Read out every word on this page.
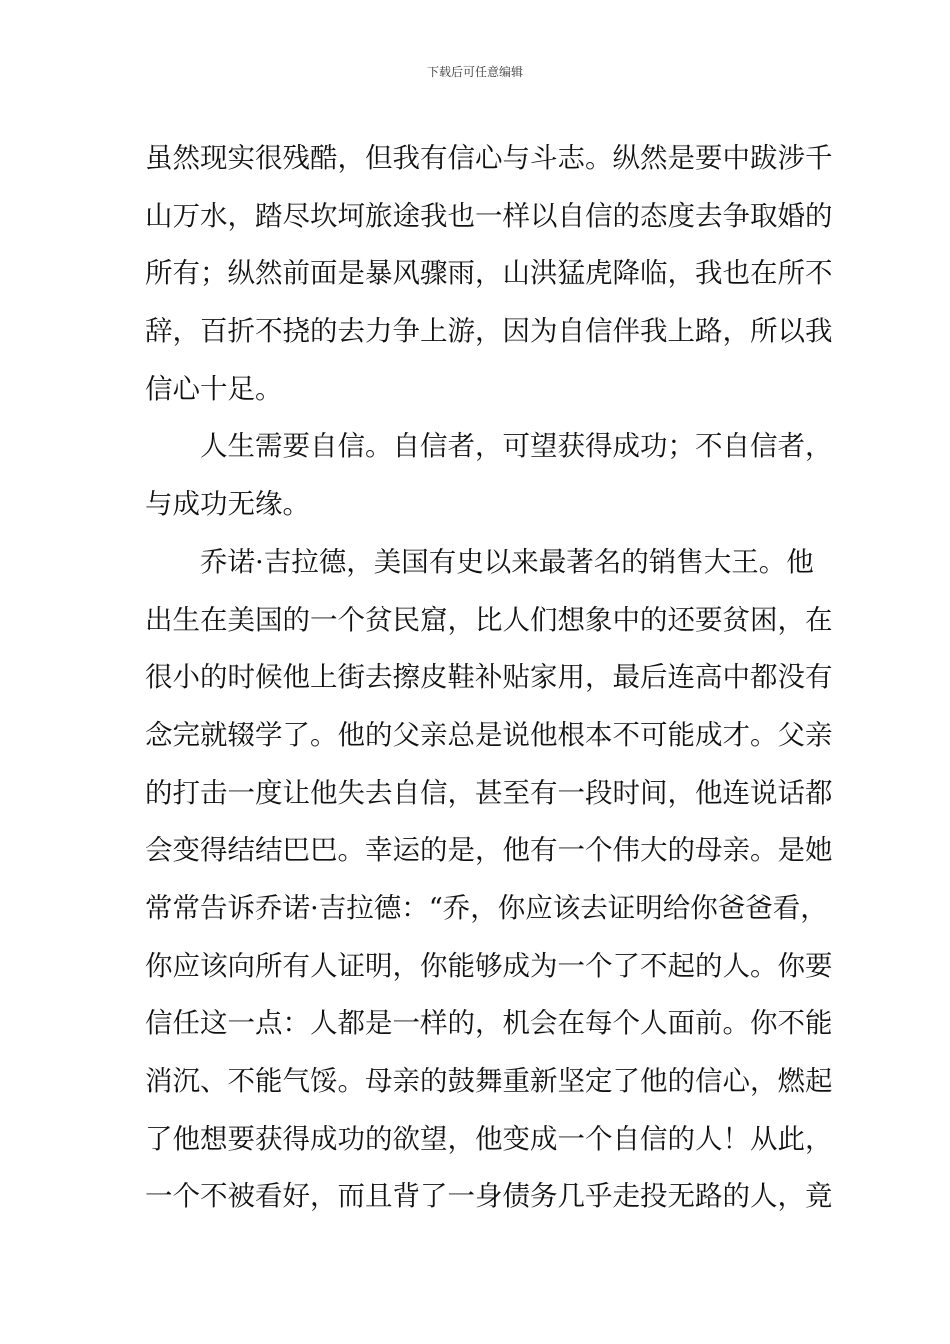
下载后可任意编辑
虽然现实很残酷，但我有信心与斗志。纵然是要中跋涉千
山万水，踏尽坎坷旅途我也一样以自信的态度去争取婚的
所有；纵然前面是暴风骤雨，山洪猛虎降临，我也在所不
辞，百折不挠的去力争上游，因为自信伴我上路，所以我
信心十足。
人生需要自信。自信者，可望获得成功；不自信者，
与成功无缘。
乔诺·吉拉德，美国有史以来最著名的销售大王。他
出生在美国的一个贫民窟，比人们想象中的还要贫困，在
很小的时候他上街去擦皮鞋补贴家用，最后连高中都没有
念完就辍学了。他的父亲总是说他根本不可能成才。父亲
的打击一度让他失去自信，甚至有一段时间，他连说话都
会变得结结巴巴。幸运的是，他有一个伟大的母亲。是她
常常告诉乔诺·吉拉德：“乔，你应该去证明给你爸爸看，
你应该向所有人证明，你能够成为一个了不起的人。你要
信任这一点：人都是一样的，机会在每个人面前。你不能
消沉、不能气馁。母亲的鼓舞重新坚定了他的信心，燃起
了他想要获得成功的欲望，他变成一个自信的人！从此，
一个不被看好，而且背了一身债务几乎走投无路的人，竟
